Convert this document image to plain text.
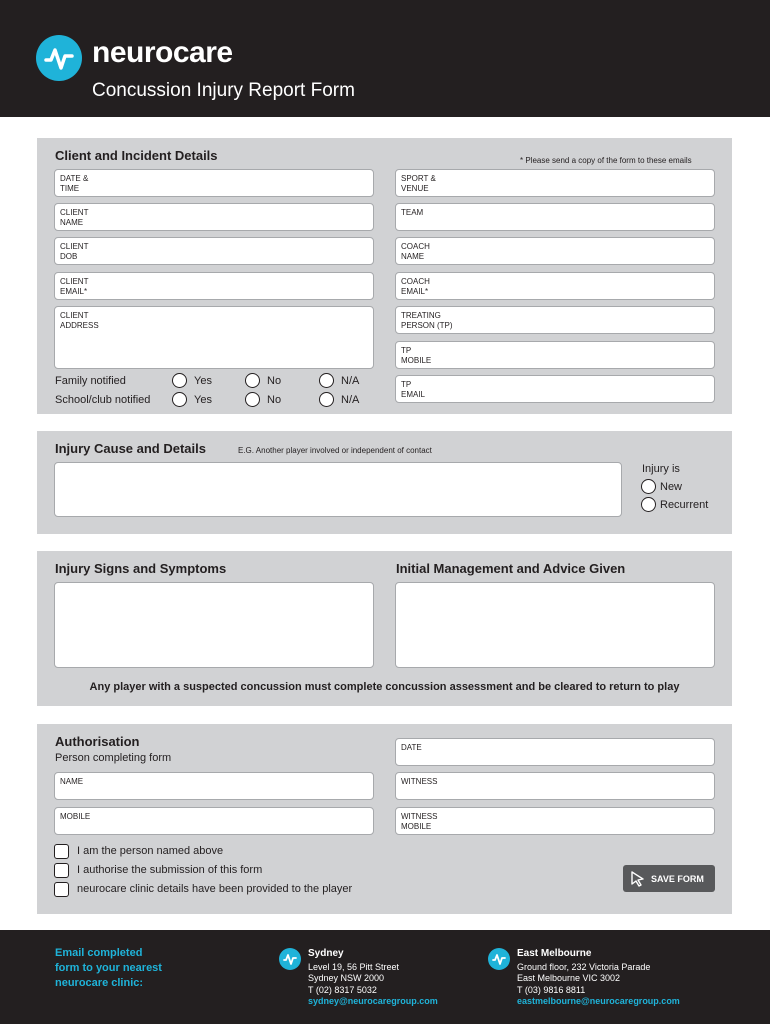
neurocare
Concussion Injury Report Form
Client and Incident Details	* Please send a copy of the form to these emails
DATE &
TIME
CLIENT
NAME
CLIENT
DOB
CLIENT
EMAIL*
CLIENT
ADDRESS
Family notified	Yes	No	N/A
School/club notified	Yes	No	N/A
SPORT &
VENUE
TEAM
COACH
NAME
COACH
EMAIL*
TREATING
PERSON (TP)
TP
MOBILE
TP
EMAIL
Injury Cause and Details	E.G. Another player involved or independent of contact
Injury is
New
Recurrent
Injury Signs and Symptoms	Initial Management and Advice Given
Any player with a suspected concussion must complete concussion assessment and be cleared to return to play
Authorisation
Person completing form
NAME
MOBILE
DATE
WITNESS
WITNESS
MOBILE
I am the person named above
I authorise the submission of this form
neurocare clinic details have been provided to the player
SAVE FORM
Email completed
form to your nearest
neurocare clinic:
Sydney
Level 19, 56 Pitt Street
Sydney NSW 2000
T (02) 8317 5032
sydney@neurocaregroup.com
East Melbourne
Ground floor, 232 Victoria Parade
East Melbourne VIC 3002
T (03) 9816 8811
eastmelbourne@neurocaregroup.com
